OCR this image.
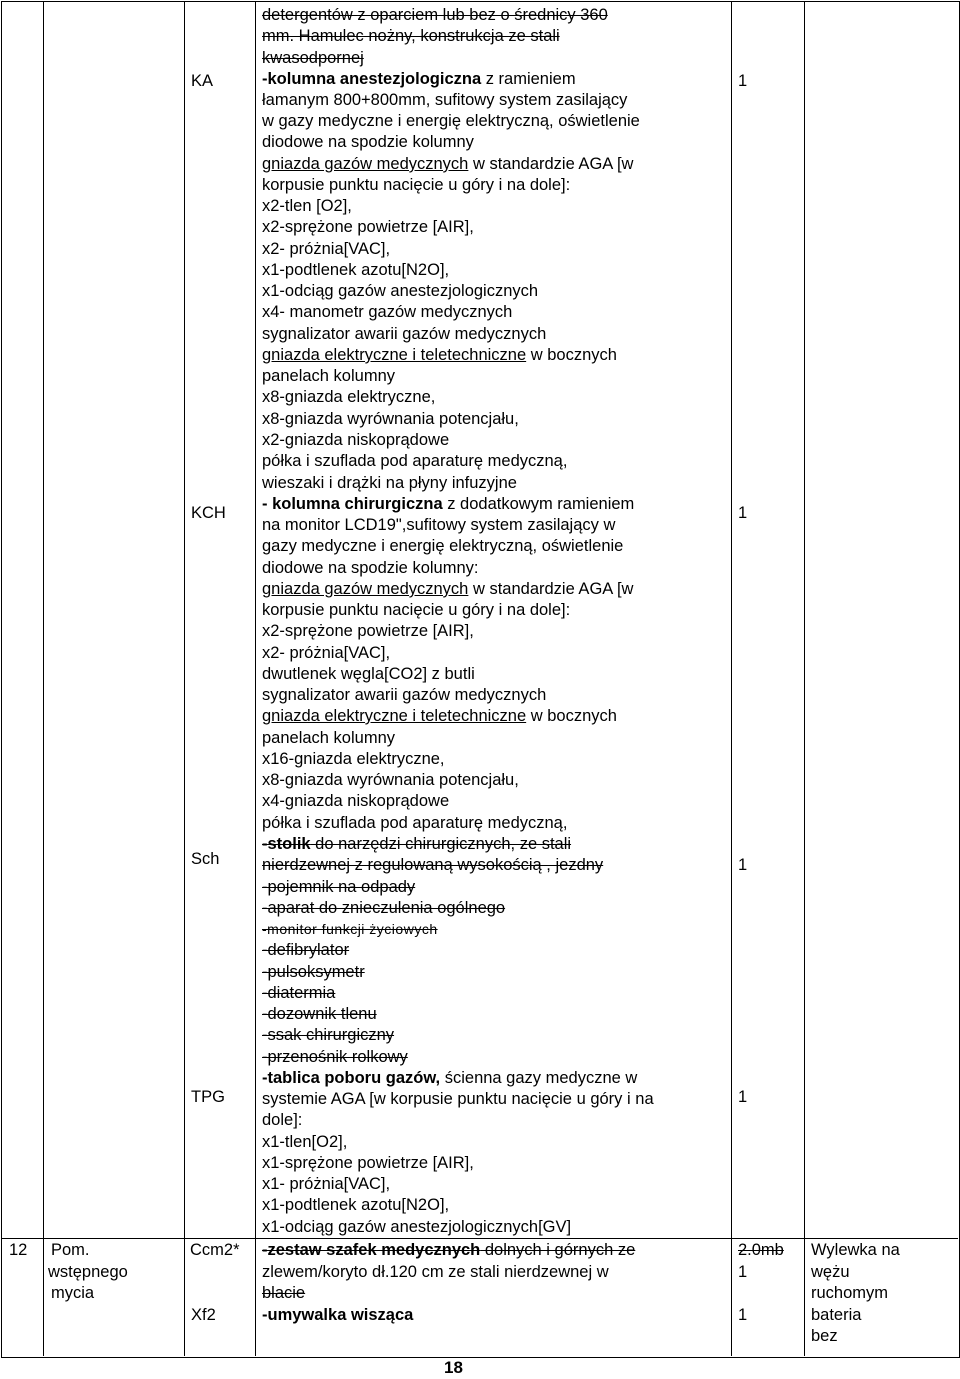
KA
KCH
Sch
TPG
1
1
1
1
detergentów z oparciem lub bez o średnicy 360
mm. Hamulec nożny, konstrukcja ze stali
kwasodpornej
-kolumna anestezjologiczna z ramieniem
łamanym 800+800mm, sufitowy system zasilający
w gazy medyczne i energię elektryczną, oświetlenie
diodowe na spodzie kolumny
gniazda gazów medycznych w standardzie AGA [w
korpusie punktu nacięcie u góry i na dole]:
x2-tlen [O2],
x2-sprężone powietrze [AIR],
x2- próżnia[VAC],
x1-podtlenek azotu[N2O],
x1-odciąg gazów anestezjologicznych
x4- manometr gazów medycznych
sygnalizator awarii gazów medycznych
gniazda elektryczne i teletechniczne w bocznych
panelach kolumny
x8-gniazda elektryczne,
x8-gniazda wyrównania potencjału,
x2-gniazda niskoprądowe
półka i szuflada pod aparaturę medyczną,
wieszaki i drążki na płyny infuzyjne
- kolumna chirurgiczna z dodatkowym ramieniem
na monitor LCD19",sufitowy system zasilający w
gazy medyczne i energię elektryczną, oświetlenie
diodowe na spodzie kolumny:
gniazda gazów medycznych w standardzie AGA [w
korpusie punktu nacięcie u góry i na dole]:
x2-sprężone powietrze [AIR],
x2- próżnia[VAC],
dwutlenek węgla[CO2] z butli
sygnalizator awarii gazów medycznych
gniazda elektryczne i teletechniczne w bocznych
panelach kolumny
x16-gniazda elektryczne,
x8-gniazda wyrównania potencjału,
x4-gniazda niskoprądowe
półka i szuflada pod aparaturę medyczną,
-stolik do narzędzi chirurgicznych, ze stali
nierdzewnej z regulowaną wysokością , jezdny
-pojemnik na odpady
-aparat do znieczulenia ogólnego
-monitor funkcji życiowych
-defibrylator
-pulsoksymetr
-diatermia
-dozownik tlenu
-ssak chirurgiczny
-przenośnik rolkowy
-tablica poboru gazów, ścienna gazy medyczne w
systemie AGA [w korpusie punktu nacięcie u góry i na
dole]:
x1-tlen[O2],
x1-sprężone powietrze [AIR],
x1- próżnia[VAC],
x1-podtlenek azotu[N2O],
x1-odciąg gazów anestezjologicznych[GV]
12 Pom.
wstępnego
mycia
Ccm2*
Xf2
-zestaw szafek medycznych dolnych i górnych ze
zlewem/koryto dł.120 cm ze stali nierdzewnej w
blacie
-umywalka wisząca
2.0mb
1
1
Wylewka na
wężu
ruchomym
bateria
bez
18
